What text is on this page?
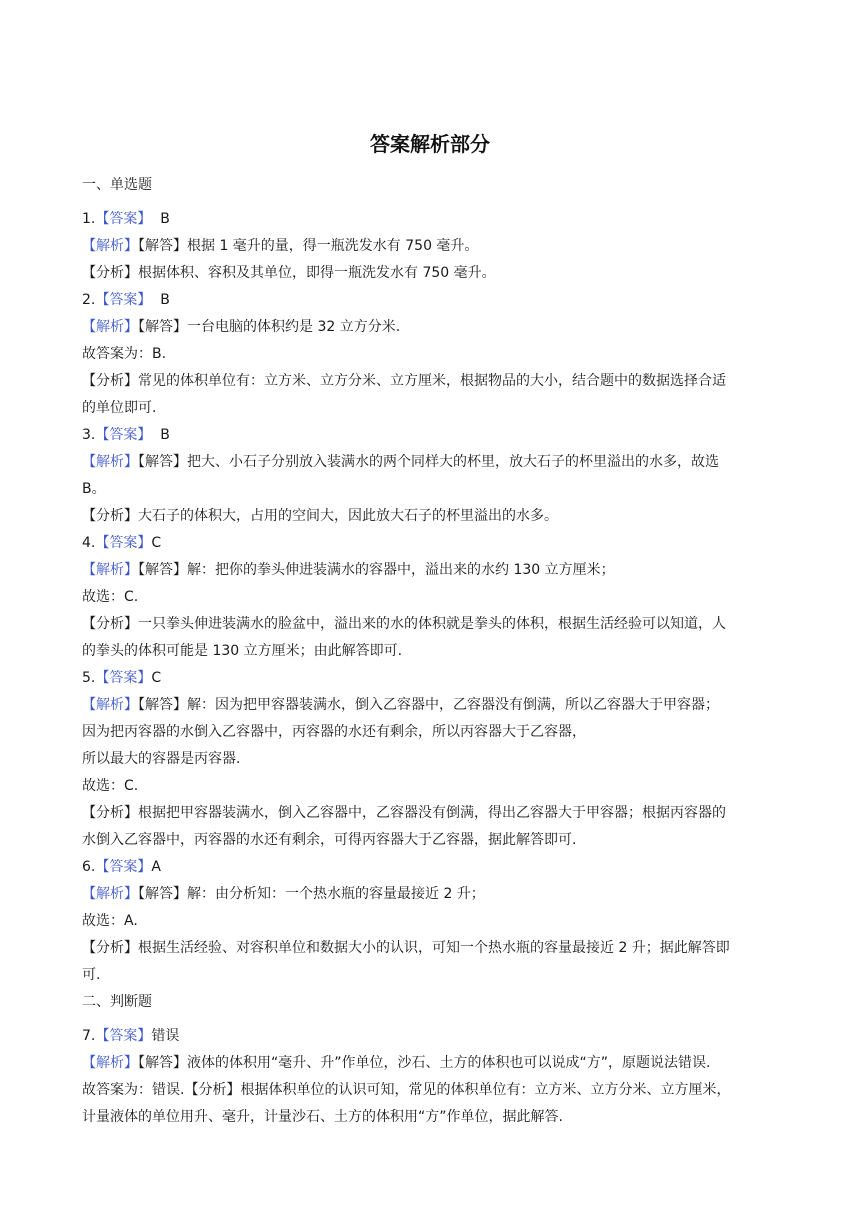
答案解析部分

一、单选题

1.【答案】 B

【解析】【解答】根据 1 毫升的量，得一瓶洗发水有 750 毫升。

【分析】根据体积、容积及其单位，即得一瓶洗发水有 750 毫升。

2.【答案】 B

【解析】【解答】一台电脑的体积约是 32 立方分米.

故答案为：B.

【分析】常见的体积单位有：立方米、立方分米、立方厘米，根据物品的大小，结合题中的数据选择合适

的单位即可.

3.【答案】 B

【解析】【解答】把大、小石子分别放入装满水的两个同样大的杯里，放大石子的杯里溢出的水多，故选

B。

【分析】大石子的体积大，占用的空间大，因此放大石子的杯里溢出的水多。

4.【答案】C

【解析】【解答】解：把你的拳头伸进装满水的容器中，溢出来的水约 130 立方厘米；

故选：C.

【分析】一只拳头伸进装满水的脸盆中，溢出来的水的体积就是拳头的体积，根据生活经验可以知道，人

的拳头的体积可能是 130 立方厘米；由此解答即可.

5.【答案】C

【解析】【解答】解：因为把甲容器装满水，倒入乙容器中，乙容器没有倒满，所以乙容器大于甲容器；

因为把丙容器的水倒入乙容器中，丙容器的水还有剩余，所以丙容器大于乙容器，

所以最大的容器是丙容器.

故选：C.

【分析】根据把甲容器装满水，倒入乙容器中，乙容器没有倒满，得出乙容器大于甲容器；根据丙容器的

水倒入乙容器中，丙容器的水还有剩余，可得丙容器大于乙容器，据此解答即可.

6.【答案】A

【解析】【解答】解：由分析知：一个热水瓶的容量最接近 2 升；

故选：A.

【分析】根据生活经验、对容积单位和数据大小的认识，可知一个热水瓶的容量最接近 2 升；据此解答即

可.

二、判断题

7.【答案】错误

【解析】【解答】液体的体积用“毫升、升”作单位，沙石、土方的体积也可以说成“方”，原题说法错误.

故答案为：错误.【分析】根据体积单位的认识可知，常见的体积单位有：立方米、立方分米、立方厘米，

计量液体的单位用升、毫升，计量沙石、土方的体积用“方”作单位，据此解答.
